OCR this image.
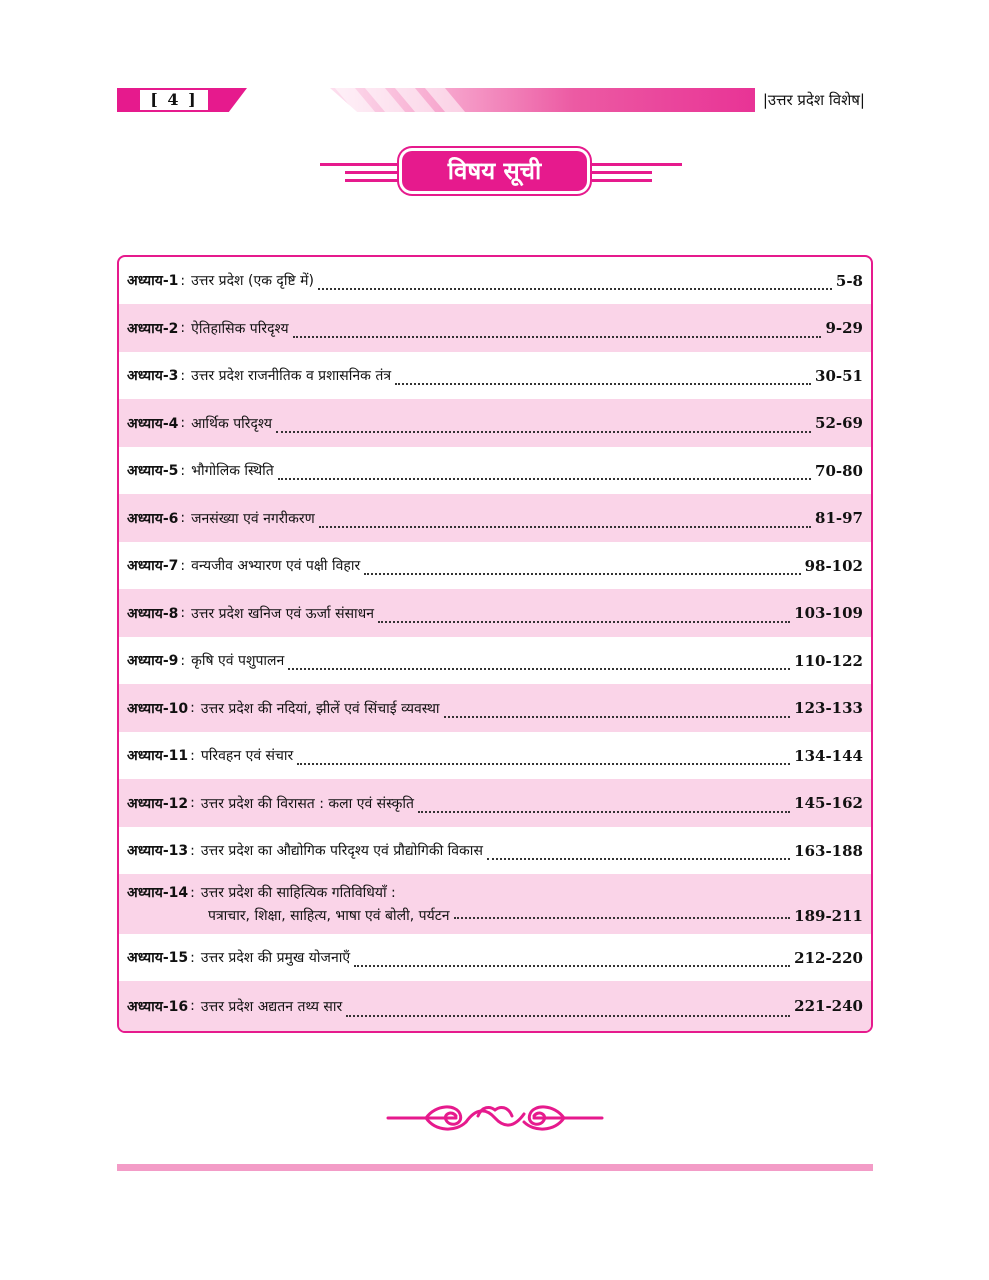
[ 4 ]	|उत्तर प्रदेश विशेष|
विषय सूची
अध्याय-1 : उत्तर प्रदेश (एक दृष्टि में)	5-8
अध्याय-2 : ऐतिहासिक परिदृश्य	9-29
अध्याय-3 : उत्तर प्रदेश राजनीतिक व प्रशासनिक तंत्र	30-51
अध्याय-4 : आर्थिक परिदृश्य	52-69
अध्याय-5 : भौगोलिक स्थिति	70-80
अध्याय-6 : जनसंख्या एवं नगरीकरण	81-97
अध्याय-7 : वन्यजीव अभ्यारण एवं पक्षी विहार	98-102
अध्याय-8 : उत्तर प्रदेश खनिज एवं ऊर्जा संसाधन	103-109
अध्याय-9 : कृषि एवं पशुपालन	110-122
अध्याय-10 : उत्तर प्रदेश की नदियां, झीलें एवं सिंचाई व्यवस्था	123-133
अध्याय-11 : परिवहन एवं संचार	134-144
अध्याय-12 : उत्तर प्रदेश की विरासत : कला एवं संस्कृति	145-162
अध्याय-13 : उत्तर प्रदेश का औद्योगिक परिदृश्य एवं प्रौद्योगिकी विकास	163-188
अध्याय-14 : उत्तर प्रदेश की साहित्यिक गतिविधियाँ :
पत्राचार, शिक्षा, साहित्य, भाषा एवं बोली, पर्यटन	189-211
अध्याय-15 : उत्तर प्रदेश की प्रमुख योजनाएँ	212-220
अध्याय-16 : उत्तर प्रदेश अद्यतन तथ्य सार	221-240
